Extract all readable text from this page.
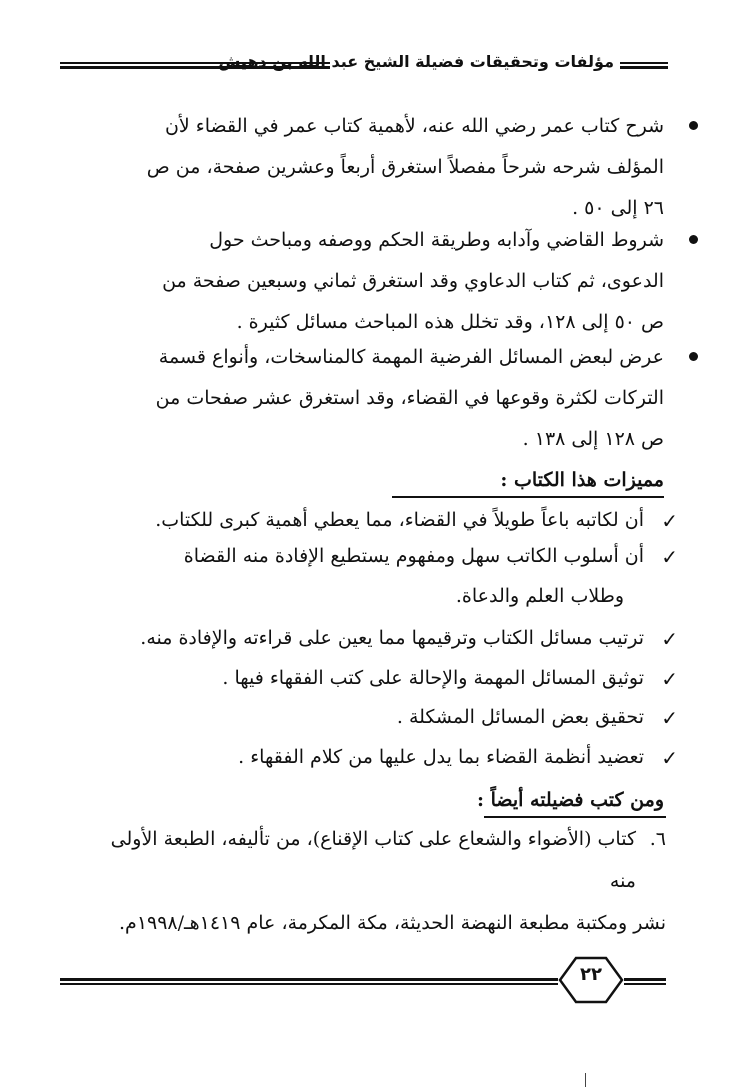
مؤلفات وتحقيقات فضيلة الشيخ عبد الله بن دهيش
شرح كتاب عمر رضي الله عنه، لأهمية كتاب عمر في القضاء لأن
المؤلف شرحه شرحاً مفصلاً استغرق أربعاً وعشرين صفحة، من ص
٢٦ إلى ٥٠ .
شروط القاضي وآدابه وطريقة الحكم ووصفه ومباحث حول
الدعوى، ثم كتاب الدعاوي وقد استغرق ثماني وسبعين صفحة من
ص ٥٠ إلى ١٢٨، وقد تخلل هذه المباحث مسائل كثيرة .
عرض لبعض المسائل الفرضية المهمة كالمناسخات، وأنواع قسمة
التركات لكثرة وقوعها في القضاء، وقد استغرق عشر صفحات من
ص ١٢٨ إلى ١٣٨ .
مميزات هذا الكتاب :
✓
أن لكاتبه باعاً طويلاً في القضاء، مما يعطي أهمية كبرى للكتاب.
✓
أن أسلوب الكاتب سهل ومفهوم يستطيع الإفادة منه القضاة
وطلاب العلم والدعاة.
✓
ترتيب مسائل الكتاب وترقيمها مما يعين على قراءته والإفادة منه.
✓
توثيق المسائل المهمة والإحالة على كتب الفقهاء فيها .
✓
تحقيق بعض المسائل المشكلة .
✓
تعضيد أنظمة القضاء بما يدل عليها من كلام الفقهاء .
ومن كتب فضيلته أيضاً :
٦.
كتاب (الأضواء والشعاع على كتاب الإقناع)، من تأليفه، الطبعة الأولى منه
نشر ومكتبة مطبعة النهضة الحديثة، مكة المكرمة، عام ١٤١٩هـ/١٩٩٨م.
٢٢
